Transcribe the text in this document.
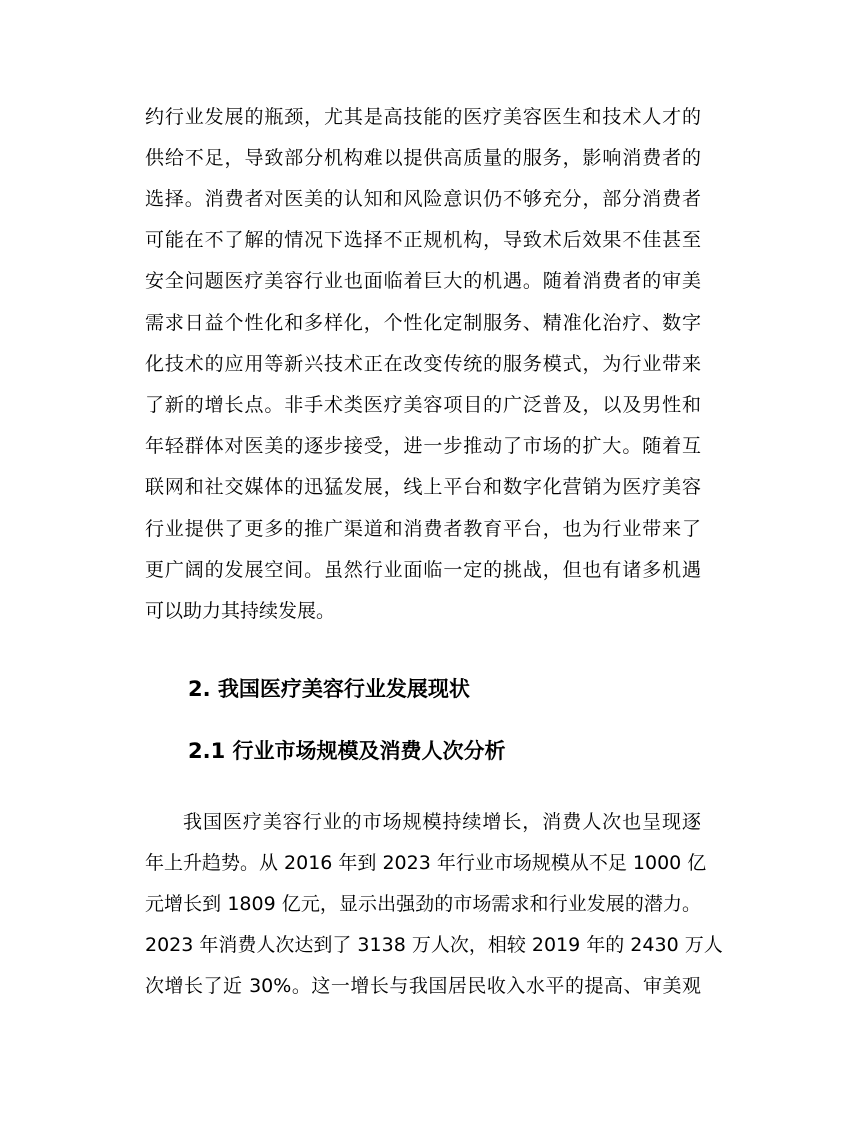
约行业发展的瓶颈，尤其是高技能的医疗美容医生和技术人才的
供给不足，导致部分机构难以提供高质量的服务，影响消费者的
选择。消费者对医美的认知和风险意识仍不够充分，部分消费者
可能在不了解的情况下选择不正规机构，导致术后效果不佳甚至
安全问题医疗美容行业也面临着巨大的机遇。随着消费者的审美
需求日益个性化和多样化，个性化定制服务、精准化治疗、数字
化技术的应用等新兴技术正在改变传统的服务模式，为行业带来
了新的增长点。非手术类医疗美容项目的广泛普及，以及男性和
年轻群体对医美的逐步接受，进一步推动了市场的扩大。随着互
联网和社交媒体的迅猛发展，线上平台和数字化营销为医疗美容
行业提供了更多的推广渠道和消费者教育平台，也为行业带来了
更广阔的发展空间。虽然行业面临一定的挑战，但也有诸多机遇
可以助力其持续发展。
2. 我国医疗美容行业发展现状
2.1 行业市场规模及消费人次分析
我国医疗美容行业的市场规模持续增长，消费人次也呈现逐
年上升趋势。从 2016 年到 2023 年行业市场规模从不足 1000 亿
元增长到 1809 亿元，显示出强劲的市场需求和行业发展的潜力。
2023 年消费人次达到了 3138 万人次，相较 2019 年的 2430 万人
次增长了近 30%。这一增长与我国居民收入水平的提高、审美观
